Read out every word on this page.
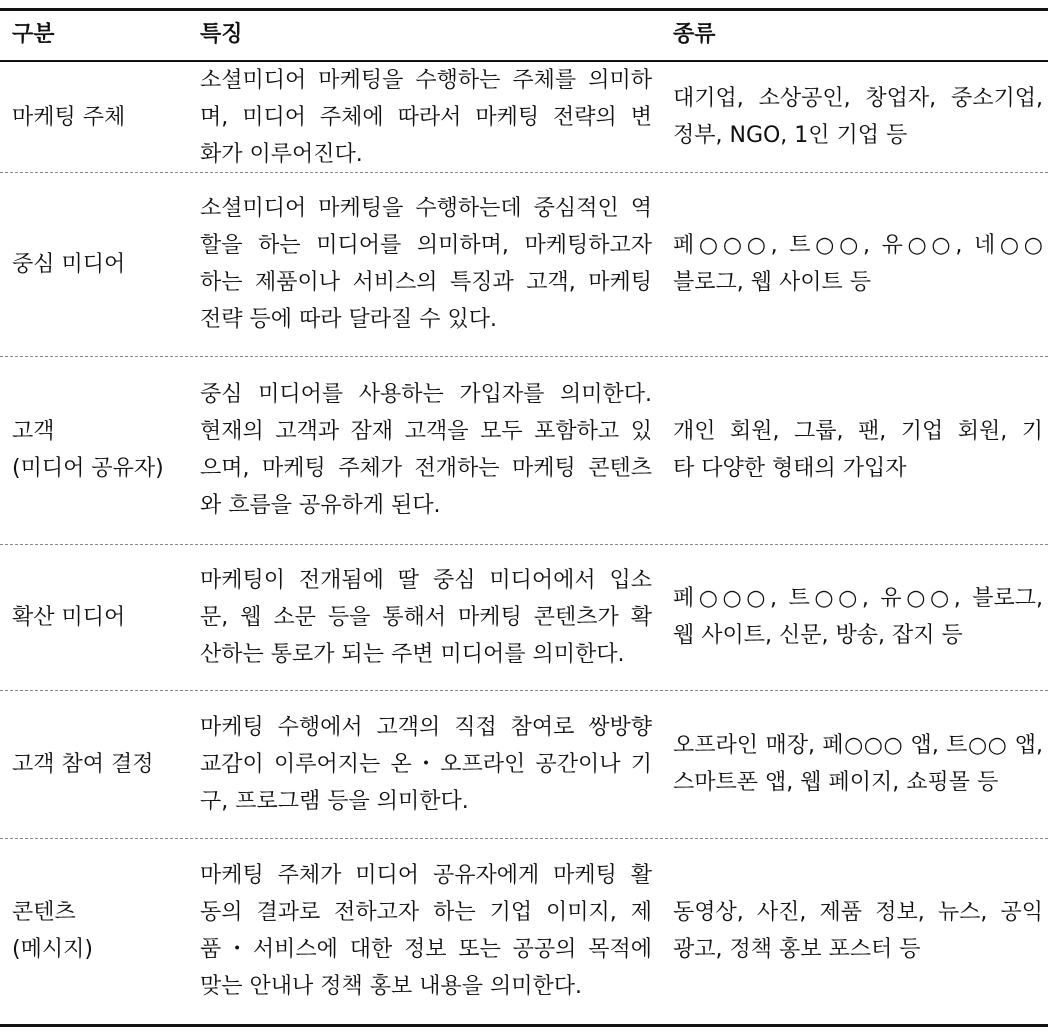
구분	특징	종류
마케팅 주체
소셜미디어 마케팅을 수행하는 주체를 의미하
며, 미디어 주체에 따라서 마케팅 전략의 변
화가 이루어진다.
대기업, 소상공인, 창업자, 중소기업,
정부, NGO, 1인 기업 등
중심 미디어
소셜미디어 마케팅을 수행하는데 중심적인 역
할을 하는 미디어를 의미하며, 마케팅하고자
하는 제품이나 서비스의 특징과 고객, 마케팅
전략 등에 따라 달라질 수 있다.
페○○○, 트○○, 유○○, 네○○
블로그, 웹 사이트 등
고객
(미디어 공유자)
중심 미디어를 사용하는 가입자를 의미한다.
현재의 고객과 잠재 고객을 모두 포함하고 있
으며, 마케팅 주체가 전개하는 마케팅 콘텐츠
와 흐름을 공유하게 된다.
개인 회원, 그룹, 팬, 기업 회원, 기
타 다양한 형태의 가입자
확산 미디어
마케팅이 전개됨에 딸 중심 미디어에서 입소
문, 웹 소문 등을 통해서 마케팅 콘텐츠가 확
산하는 통로가 되는 주변 미디어를 의미한다.
페○○○, 트○○, 유○○, 블로그,
웹 사이트, 신문, 방송, 잡지 등
고객 참여 결정
마케팅 수행에서 고객의 직접 참여로 쌍방향
교감이 이루어지는 온・오프라인 공간이나 기
구, 프로그램 등을 의미한다.
오프라인 매장, 페○○○ 앱, 트○○ 앱,
스마트폰 앱, 웹 페이지, 쇼핑몰 등
콘텐츠
(메시지)
마케팅 주체가 미디어 공유자에게 마케팅 활
동의 결과로 전하고자 하는 기업 이미지, 제
품・서비스에 대한 정보 또는 공공의 목적에
맞는 안내나 정책 홍보 내용을 의미한다.
동영상, 사진, 제품 정보, 뉴스, 공익
광고, 정책 홍보 포스터 등
